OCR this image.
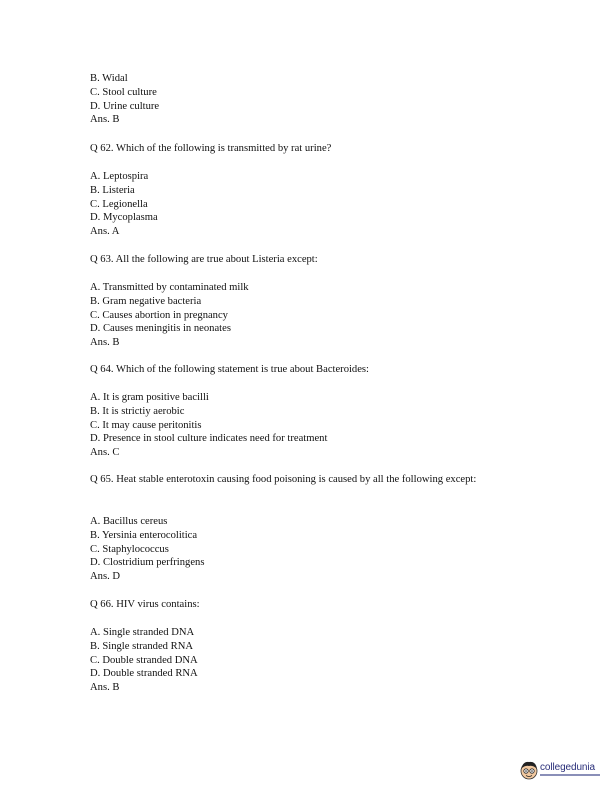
B. Widal
C. Stool culture
D. Urine culture
Ans. B
Q 62. Which of the following is transmitted by rat urine?
A. Leptospira
B. Listeria
C. Legionella
D. Mycoplasma
Ans. A
Q 63. All the following are true about Listeria except:
A. Transmitted by contaminated milk
B. Gram negative bacteria
C. Causes abortion in pregnancy
D. Causes meningitis in neonates
Ans. B
Q 64. Which of the following statement is true about Bacteroides:
A. It is gram positive bacilli
B. It is strictiy aerobic
C. It may cause peritonitis
D. Presence in stool culture indicates need for treatment
Ans. C
Q 65. Heat stable enterotoxin causing food poisoning is caused by all the following except:
A. Bacillus cereus
B. Yersinia enterocolitica
C. Staphylococcus
D. Clostridium perfringens
Ans. D
Q 66. HIV virus contains:
A. Single stranded DNA
B. Single stranded RNA
C. Double stranded DNA
D. Double stranded RNA
Ans. B
collegedunia
